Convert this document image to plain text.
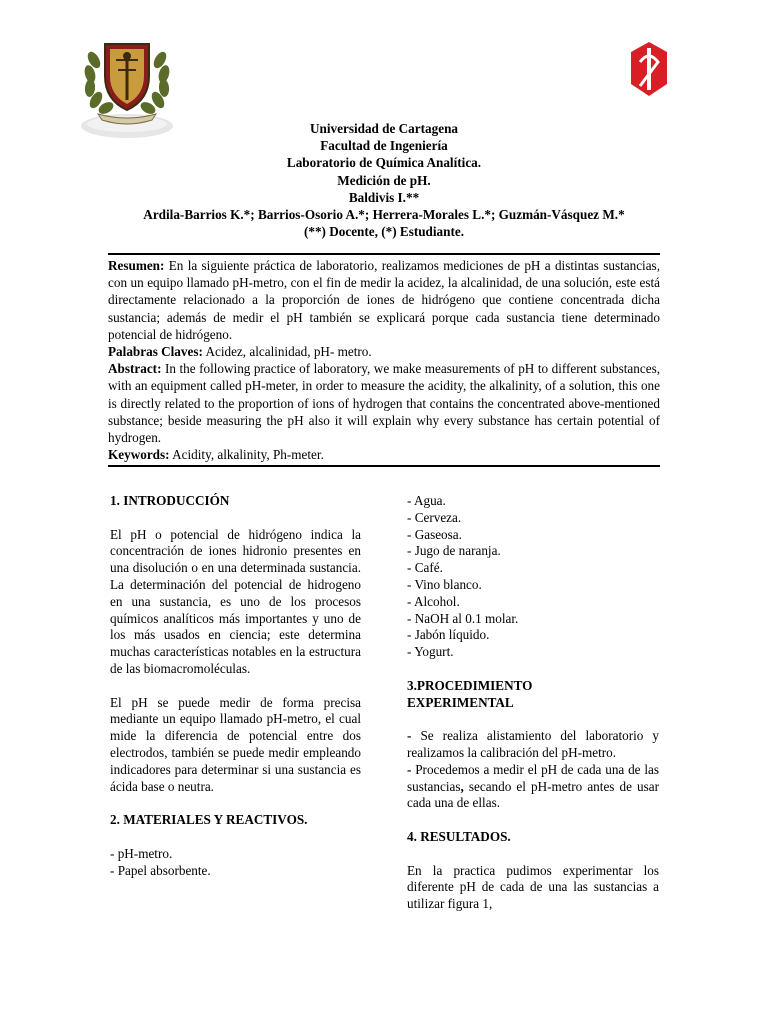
Universidad de Cartagena
Facultad de Ingeniería
Laboratorio de Química Analítica.
Medición de pH.
Baldivis I.**
Ardila-Barrios K.*; Barrios-Osorio A.*; Herrera-Morales L.*; Guzmán-Vásquez M.*
(**) Docente, (*) Estudiante.

Resumen: En la siguiente práctica de laboratorio, realizamos mediciones de pH a distintas sustancias, con un equipo llamado pH-metro, con el fin de medir la acidez, la alcalinidad, de una solución, este está directamente relacionado a la proporción de iones de hidrógeno que contiene concentrada dicha sustancia; además de medir el pH también se explicará porque cada sustancia tiene determinado potencial de hidrógeno.

Palabras Claves: Acidez, alcalinidad, pH- metro.

Abstract: In the following practice of laboratory, we make measurements of pH to different substances, with an equipment called pH-meter, in order to measure the acidity, the alkalinity, of a solution, this one is directly related to the proportion of ions of hydrogen that contains the concentrated above-mentioned substance; beside measuring the pH also it will explain why every substance has certain potential of hydrogen.

Keywords: Acidity, alkalinity, Ph-meter.

1. INTRODUCCIÓN

El pH o potencial de hidrógeno indica la concentración de iones hidronio presentes en una disolución o en una determinada sustancia. La determinación del potencial de hidrogeno en una sustancia, es uno de los procesos químicos analíticos más importantes y uno de los más usados en ciencia; este determina muchas características notables en la estructura de las biomacromoléculas.

El pH se puede medir de forma precisa mediante un equipo llamado pH-metro, el cual mide la diferencia de potencial entre dos electrodos, también se puede medir empleando indicadores para determinar si una sustancia es ácida base o neutra.

2. MATERIALES Y REACTIVOS.

- pH-metro.
- Papel absorbente.
- Agua.
- Cerveza.
- Gaseosa.
- Jugo de naranja.
- Café.
- Vino blanco.
- Alcohol.
- NaOH al 0.1 molar.
- Jabón líquido.
- Yogurt.

3.PROCEDIMIENTO

EXPERIMENTAL

- Se realiza alistamiento del laboratorio y realizamos la calibración del pH-metro.

- Procedemos a medir el pH de cada una de las sustancias, secando el pH-metro antes de usar cada una de ellas.

4. RESULTADOS.

En la practica pudimos experimentar los diferente pH de cada de una las sustancias a utilizar figura 1,
